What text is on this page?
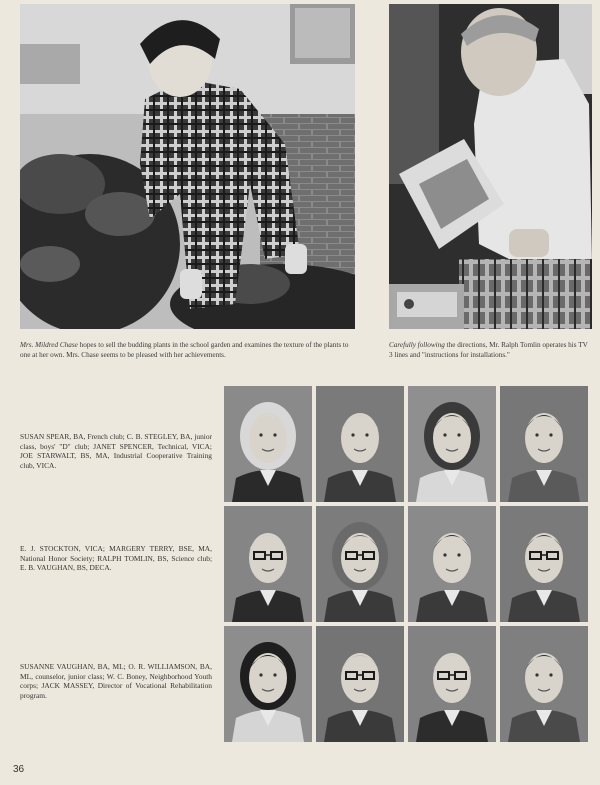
Mrs. Mildred Chase hopes to sell the budding plants in the school garden and examines the texture of the plants to one at her own. Mrs. Chase seems to be pleased with her achievements.
Carefully following the directions, Mr. Ralph Tomlin operates his TV 3 lines and "instructions for installations."
SUSAN SPEAR, BA, French club; C. B. STEGLEY, BA, junior class, boys' "D" club; JANET SPENCER, Technical, VICA; JOE STARWALT, BS, MA, Industrial Cooperative Training club, VICA.
E. J. STOCKTON, VICA; MARGERY TERRY, BSE, MA, National Honor Society; RALPH TOMLIN, BS, Science club; E. B. VAUGHAN, BS, DECA.
SUSANNE VAUGHAN, BA, ML; O. R. WILLIAMSON, BA, ML, counselor, junior class; W. C. Boney, Neighborhood Youth corps; JACK MASSEY, Director of Vocational Rehabilitation program.
36
